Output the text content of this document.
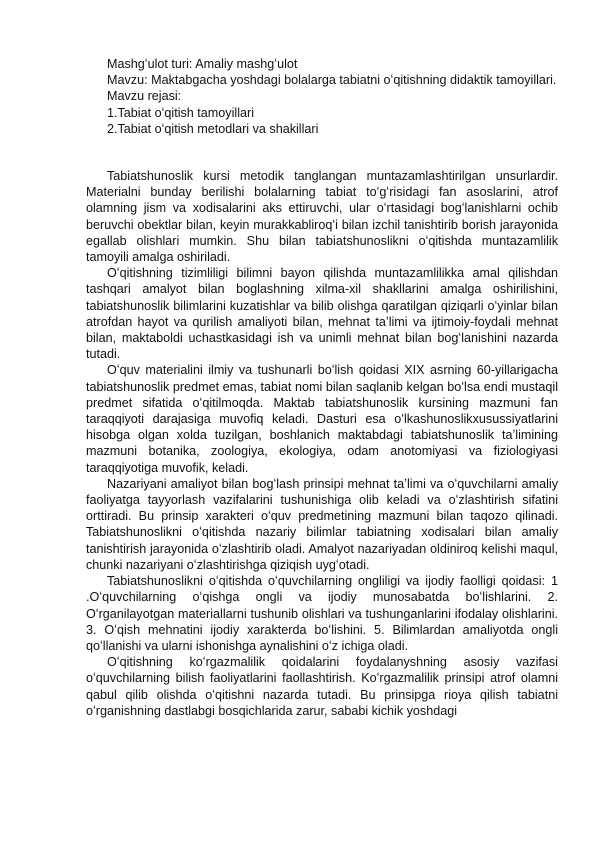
Mashgʻulot turi: Amaliy mashgʻulot

Mavzu: Maktabgacha yoshdagi bolalarga tabiatni oʻqitishning didaktik tamoyillari.

Mavzu rejasi:

1.Tabiat oʻqitish tamoyillari

2.Tabiat oʻqitish metodlari va shakillari

Tabiatshunoslik kursi metodik tanglangan muntazamlashtirilgan unsurlardir. Materialni bunday berilishi bolalarning tabiat toʻgʻrisidagi fan asoslarini, atrof olamning jism va xodisalarini aks ettiruvchi, ular oʻrtasidagi bogʻlanishlarni ochib beruvchi obektlar bilan, keyin murakkabliroqʻi bilan izchil tanishtirib borish jarayonida egallab olishlari mumkin. Shu bilan tabiatshunoslikni oʻqitishda muntazamlilik tamoyili amalga oshiriladi.

Oʻqitishning tizimliligi bilimni bayon qilishda muntazamlilikka amal qilishdan tashqari amalyot bilan boglashning xilma-xil shakllarini amalga oshirilishini, tabiatshunoslik bilimlarini kuzatishlar va bilib olishga qaratilgan qiziqarli oʻyinlar bilan atrofdan hayot va qurilish amaliyoti bilan, mehnat taʼlimi va ijtimoiy-foydali mehnat bilan, maktaboldi uchastkasidagi ish va unimli mehnat bilan bogʻlanishini nazarda tutadi.

Oʻquv materialini ilmiy va tushunarli boʻlish qoidasi XIX asrning 60-yillarigacha tabiatshunoslik predmet emas, tabiat nomi bilan saqlanib kelgan boʻlsa endi mustaqil predmet sifatida oʻqitilmoqda. Maktab tabiatshunoslik kursining mazmuni fan taraqqiyoti darajasiga muvofiq keladi. Dasturi esa oʻlkashunoslikxusussiyatlarini hisobga olgan xolda tuzilgan, boshlanich maktabdagi tabiatshunoslik taʼlimining mazmuni botanika, zoologiya, ekologiya, odam anotomiyasi va fiziologiyasi taraqqiyotiga muvofik, keladi.

Nazariyani amaliyot bilan bogʻlash prinsipi mehnat taʼlimi va oʻquvchilarni amaliy faoliyatga tayyorlash vazifalarini tushunishiga olib keladi va oʻzlashtirish sifatini orttiradi. Bu prinsip xarakteri oʻquv predmetining mazmuni bilan taqozo qilinadi. Tabiatshunoslikni oʻqitishda nazariy bilimlar tabiatning xodisalari bilan amaliy tanishtirish jarayonida oʻzlashtirib oladi. Amalyot nazariyadan oldiniroq kelishi maqul, chunki nazariyani oʻzlashtirishga qiziqish uygʻotadi.

Tabiatshunoslikni oʻqitishda oʻquvchilarning ongliligi va ijodiy faolligi qoidasi: 1 .Oʻquvchilarning oʻqishga ongli va ijodiy munosabatda boʻlishlarini. 2. Oʻrganilayotgan materiallarni tushunib olishlari va tushunganlarini ifodalay olishlarini. 3. Oʻqish mehnatini ijodiy xarakterda boʻlishini. 5. Bilimlardan amaliyotda ongli qoʻllanishi va ularni ishonishga aynalishini oʻz ichiga oladi.

Oʻqitishning koʻrgazmalilik qoidalarini foydalanyshning asosiy vazifasi oʻquvchilarning bilish faoliyatlarini faollashtirish. Koʻrgazmalilik prinsipi atrof olamni qabul qilib olishda oʻqitishni nazarda tutadi. Bu prinsipga rioya qilish tabiatni oʻrganishning dastlabgi bosqichlarida zarur, sababi kichik yoshdagi
